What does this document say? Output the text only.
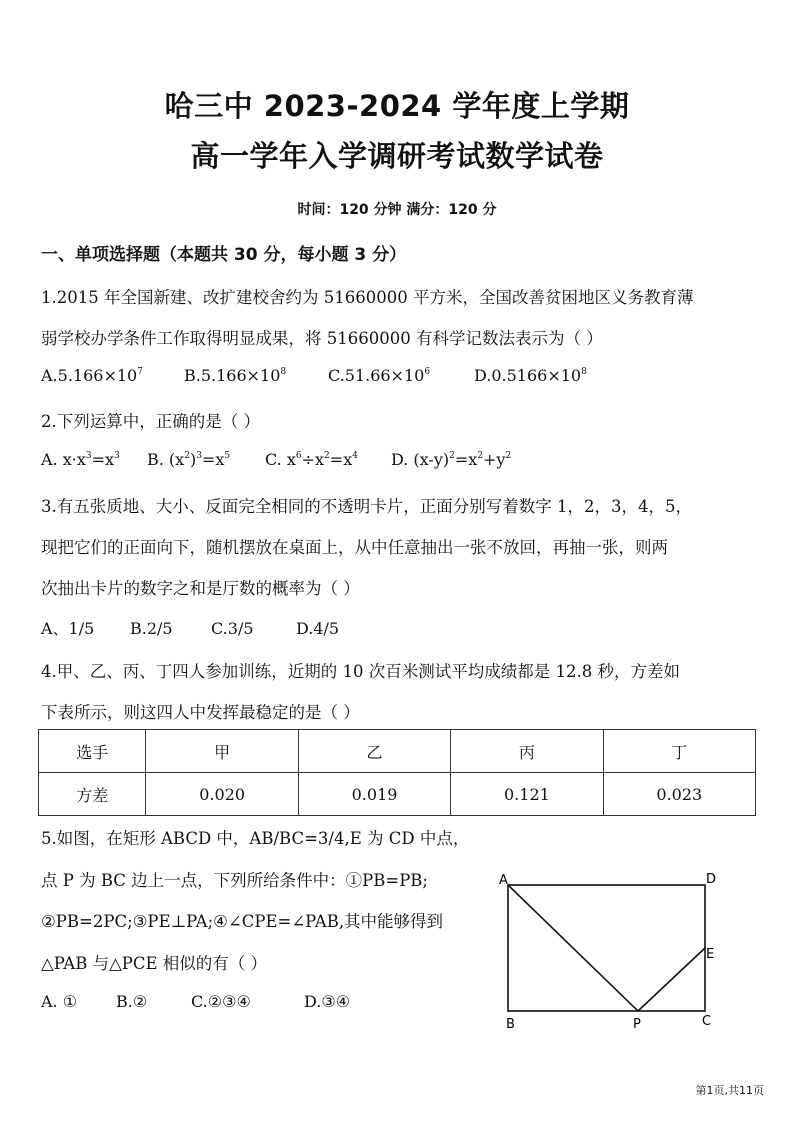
哈三中 2023-2024 学年度上学期
高一学年入学调研考试数学试卷
时间：120 分钟 满分：120 分
一、单项选择题（本题共 30 分，每小题 3 分）
1.2015 年全国新建、改扩建校舍约为 51660000 平方米，全国改善贫困地区义务教育薄
弱学校办学条件工作取得明显成果，将 51660000 有科学记数法表示为（ ）
$A.5.166\times 10^7$	$B.5.166\times 10^8$	$C.51.66\times 10^6$	$D.0.5166\times 10^8$
2.下列运算中，正确的是（ ）
A. $x\cdot x^3=x^3$ B. $(x^2)^3=x^5$ C. $x^6\div x^2=x^4$ D. $(x-y)^2=x^2+y^2$
3.有五张质地、大小、反面完全相同的不透明卡片，正面分别写着数字 1，2，3，4，5，
现把它们的正面向下，随机摆放在桌面上，从中任意抽出一张不放回，再抽一张，则两
次抽出卡片的数字之和是厅数的概率为（ ）
A、1/5 B.2/5 C.3/5	D.4/5
4.甲、乙、丙、丁四人参加训练，近期的 10 次百米测试平均成绩都是 12.8 秒，方差如
下表所示，则这四人中发挥最稳定的是（ ）
选手	甲	乙	丙	丁
方差	0.020	0.019	0.121	0.023
5.如图，在矩形 ABCD 中，AB/BC=3/4,E 为 CD 中点，
点 P 为 BC 边上一点，下列所给条件中：①PB=PB;
②PB=2PC;③PE⊥PA;④∠CPE=∠PAB,其中能够得到
△PAB 与△PCE 相似的有（ ）
A. ① B.②	C.②③④	D.③④
A	D
E
B	P	C
第1页,共11页
